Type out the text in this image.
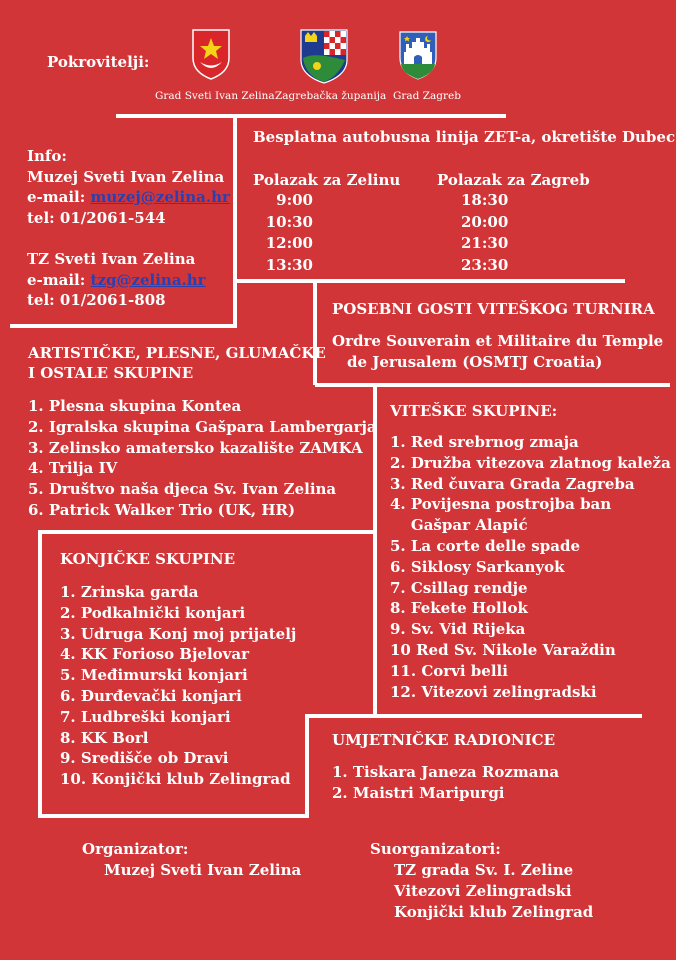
Pokrovitelji:
Grad Sveti Ivan Zelina Zagrebačka županija Grad Zagreb
Info:
Muzej Sveti Ivan Zelina
e-mail: muzej@zelina.hr
tel: 01/2061-544
TZ Sveti Ivan Zelina
e-mail: tzg@zelina.hr
tel: 01/2061-808
Besplatna autobusna linija ZET-a, okretište Dubec
Polazak za Zelinu
9:00
10:30
12:00
13:30
Polazak za Zagreb
18:30
20:00
21:30
23:30
POSEBNI GOSTI VITEŠKOG TURNIRA
Ordre Souverain et Militaire du Temple
de Jerusalem (OSMTJ Croatia)
ARTISTIČKE, PLESNE, GLUMAČKE
I OSTALE SKUPINE
1. Plesna skupina Kontea
2. Igralska skupina Gašpara Lambergarja
3. Zelinsko amatersko kazalište ZAMKA
4. Trilja IV
5. Društvo naša djeca Sv. Ivan Zelina
6. Patrick Walker Trio (UK, HR)
VITEŠKE SKUPINE:
1. Red srebrnog zmaja
2. Družba vitezova zlatnog kaleža
3. Red čuvara Grada Zagreba
4. Povijesna postrojba ban
Gašpar Alapić
5. La corte delle spade
6. Siklosy Sarkanyok
7. Csillag rendje
8. Fekete Hollok
9. Sv. Vid Rijeka
10 Red Sv. Nikole Varaždin
11. Corvi belli
12. Vitezovi zelingradski
KONJIČKE SKUPINE
1. Zrinska garda
2. Podkalnički konjari
3. Udruga Konj moj prijatelj
4. KK Forioso Bjelovar
5. Međimurski konjari
6. Đurđevački konjari
7. Ludbreški konjari
8. KK Borl
9. Središče ob Dravi
10. Konjički klub Zelingrad
UMJETNIČKE RADIONICE
1. Tiskara Janeza Rozmana
2. Maistri Maripurgi
Organizator:
Muzej Sveti Ivan Zelina
Suorganizatori:
TZ grada Sv. I. Zeline
Vitezovi Zelingradski
Konjički klub Zelingrad
